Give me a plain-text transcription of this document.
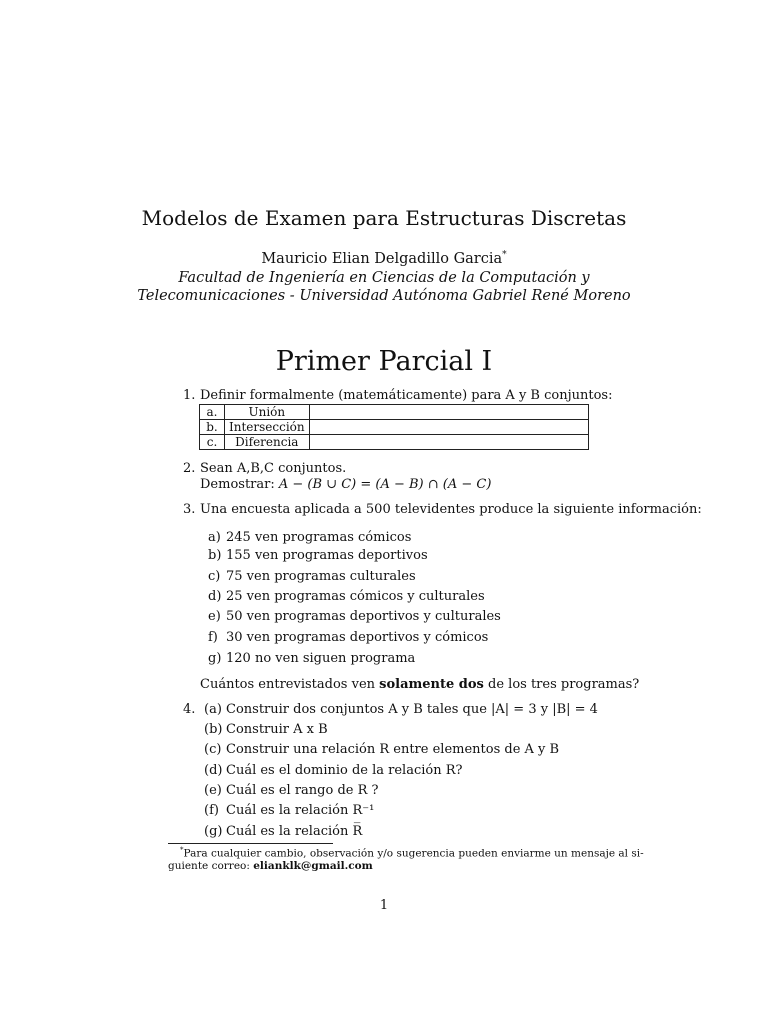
Modelos de Examen para Estructuras Discretas
Mauricio Elian Delgadillo Garcia*
Facultad de Ingeniería en Ciencias de la Computación y
Telecomunicaciones - Universidad Autónoma Gabriel René Moreno
Primer Parcial I
1. Definir formalmente (matemáticamente) para A y B conjuntos:
a.	Unión	
b.	Intersección	
c.	Diferencia	
2. Sean A,B,C conjuntos.
Demostrar: A − (B ∪ C) = (A − B) ∩ (A − C)
3. Una encuesta aplicada a 500 televidentes produce la siguiente información:
a) 245 ven programas cómicos
b) 155 ven programas deportivos
c) 75 ven programas culturales
d) 25 ven programas cómicos y culturales
e) 50 ven programas deportivos y culturales
f) 30 ven programas deportivos y cómicos
g) 120 no ven siguen programa
Cuántos entrevistados ven solamente dos de los tres programas?
4. (a) Construir dos conjuntos A y B tales que |A| = 3 y |B| = 4
(b) Construir A x B
(c) Construir una relación R entre elementos de A y B
(d) Cuál es el dominio de la relación R?
(e) Cuál es el rango de R ?
(f) Cuál es la relación R⁻¹
(g) Cuál es la relación R̅
*Para cualquier cambio, observación y/o sugerencia pueden enviarme un mensaje al si-
guiente correo: elianklk@gmail.com
1
